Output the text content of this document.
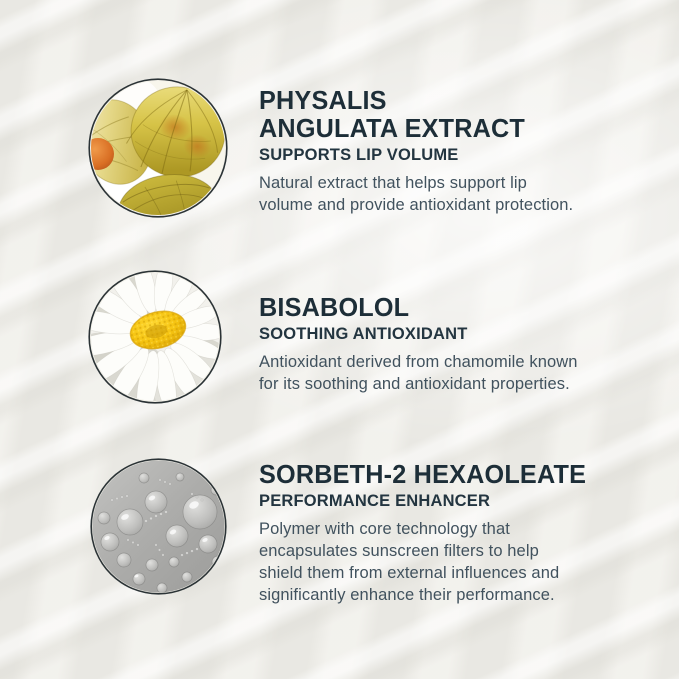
PHYSALIS
ANGULATA EXTRACT

SUPPORTS LIP VOLUME

Natural extract that helps support lip
volume and provide antioxidant protection.

BISABOLOL

SOOTHING ANTIOXIDANT

Antioxidant derived from chamomile known
for its soothing and antioxidant properties.

SORBETH-2 HEXAOLEATE

PERFORMANCE ENHANCER

Polymer with core technology that
encapsulates sunscreen filters to help
shield them from external influences and
significantly enhance their performance.
